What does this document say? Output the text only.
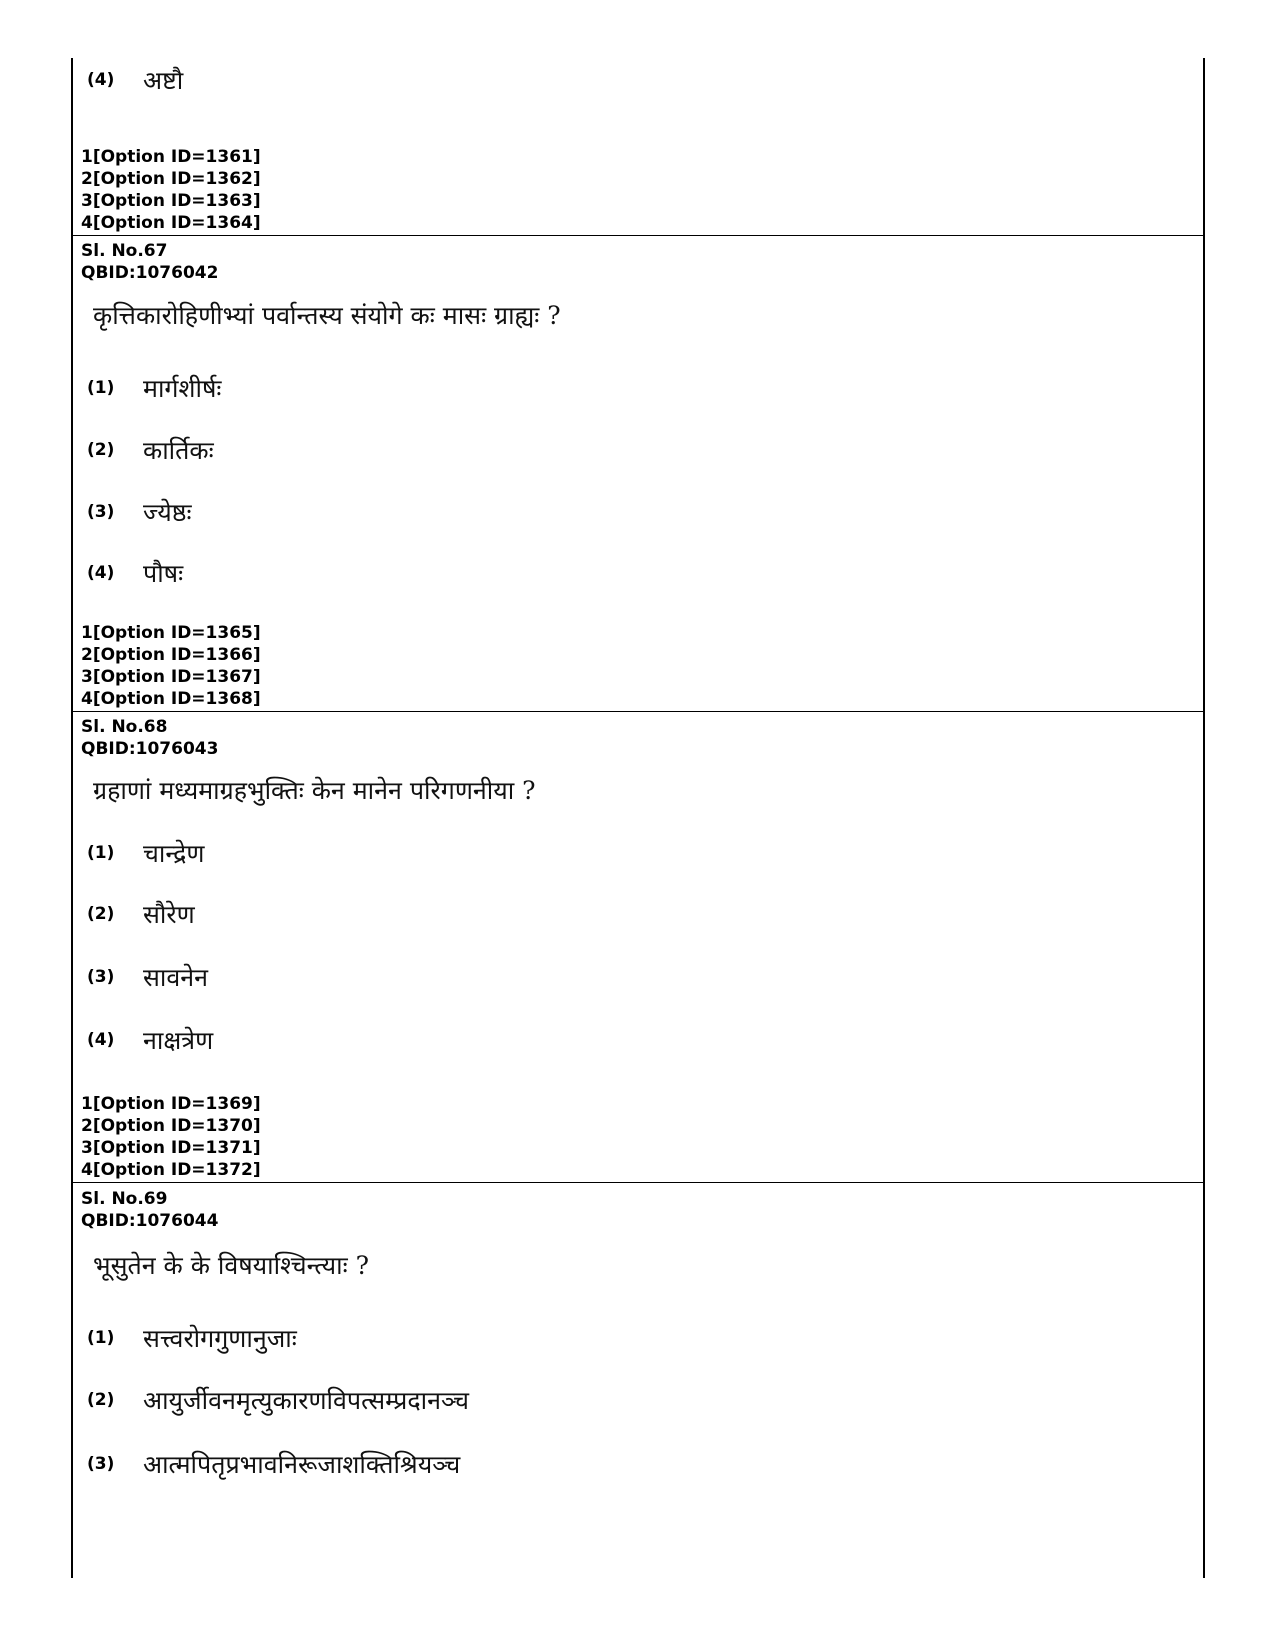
(4)	अष्टौ
1[Option ID=1361]
2[Option ID=1362]
3[Option ID=1363]
4[Option ID=1364]
Sl. No.67
QBID:1076042
कृत्तिकारोहिणीभ्यां पर्वान्तस्य संयोगे कः मासः ग्राह्यः ?
(1)	मार्गशीर्षः
(2)	कार्तिकः
(3)	ज्येष्ठः
(4)	पौषः
1[Option ID=1365]
2[Option ID=1366]
3[Option ID=1367]
4[Option ID=1368]
Sl. No.68
QBID:1076043
ग्रहाणां मध्यमाग्रहभुक्तिः केन मानेन परिगणनीया ?
(1)	चान्द्रेण
(2)	सौरेण
(3)	सावनेन
(4)	नाक्षत्रेण
1[Option ID=1369]
2[Option ID=1370]
3[Option ID=1371]
4[Option ID=1372]
Sl. No.69
QBID:1076044
भूसुतेन के के विषयाश्चिन्त्याः ?
(1)	सत्त्वरोगगुणानुजाः
(2)	आयुर्जीवनमृत्युकारणविपत्सम्प्रदानञ्च
(3)	आत्मपितृप्रभावनिरूजाशक्तिश्रियञ्च
